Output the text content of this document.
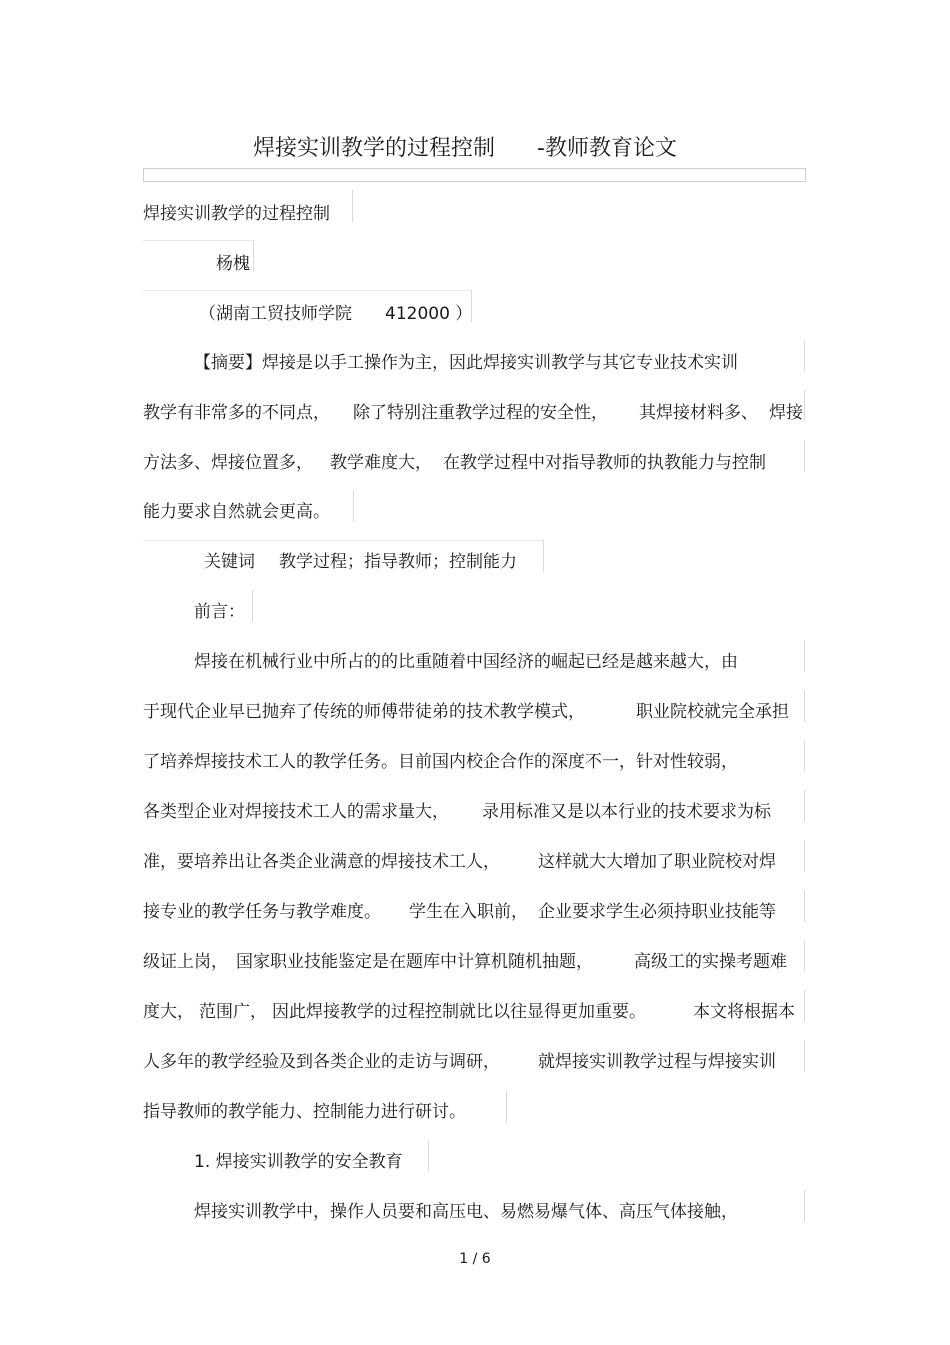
焊接实训教学的过程控制 -教师教育论文
焊接实训教学的过程控制
杨槐
（湖南工贸技师学院 412000 ）
【摘要】焊接是以手工操作为主，因此焊接实训教学与其它专业技术实训
教学有非常多的不同点， 除了特别注重教学过程的安全性， 其焊接材料多、 焊接
方法多、焊接位置多， 教学难度大， 在教学过程中对指导教师的执教能力与控制
能力要求自然就会更高。
关键词 教学过程；指导教师；控制能力
前言：
焊接在机械行业中所占的的比重随着中国经济的崛起已经是越来越大，由
于现代企业早已抛弃了传统的师傅带徒弟的技术教学模式，	职业院校就完全承担
了培养焊接技术工人的教学任务。目前国内校企合作的深度不一，针对性较弱，
各类型企业对焊接技术工人的需求量大， 录用标准又是以本行业的技术要求为标
准，要培养出让各类企业满意的焊接技术工人， 这样就大大增加了职业院校对焊
接专业的教学任务与教学难度。 学生在入职前， 企业要求学生必须持职业技能等
级证上岗， 国家职业技能鉴定是在题库中计算机随机抽题， 高级工的实操考题难
度大， 范围广， 因此焊接教学的过程控制就比以往显得更加重要。	本文将根据本
人多年的教学经验及到各类企业的走访与调研， 就焊接实训教学过程与焊接实训
指导教师的教学能力、控制能力进行研讨。
1. 焊接实训教学的安全教育
焊接实训教学中，操作人员要和高压电、易燃易爆气体、高压气体接触，
1 / 6
